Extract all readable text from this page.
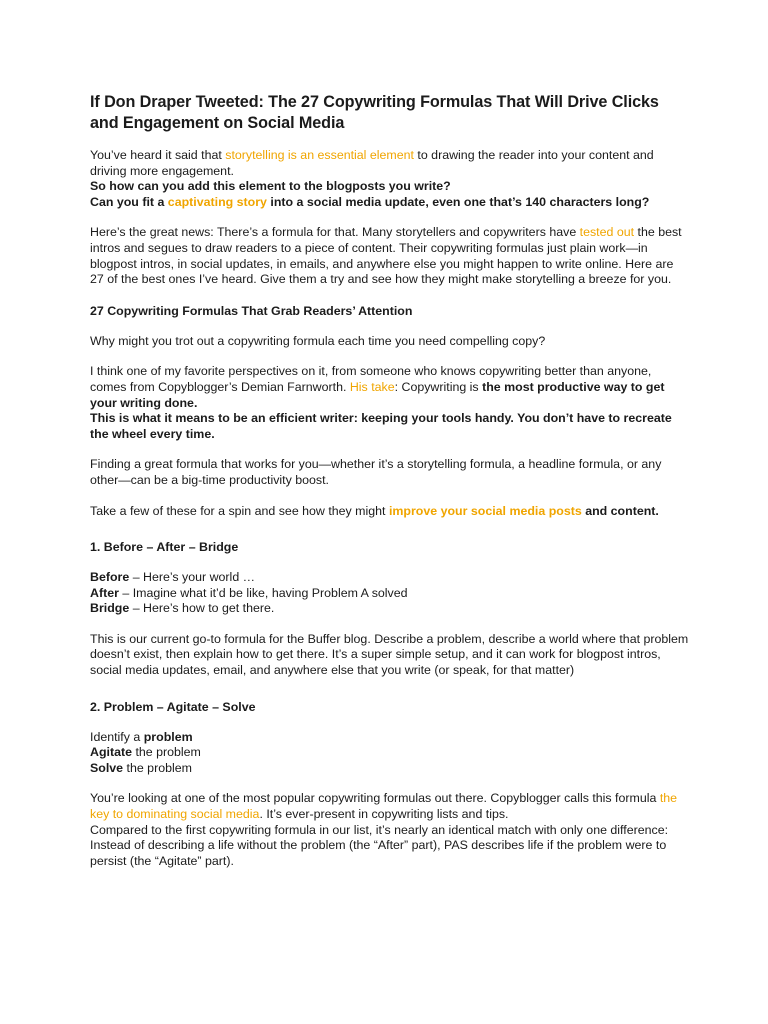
If Don Draper Tweeted: The 27 Copywriting Formulas That Will Drive Clicks and Engagement on Social Media

You’ve heard it said that storytelling is an essential element to drawing the reader into your content and driving more engagement.
So how can you add this element to the blogposts you write?
Can you fit a captivating story into a social media update, even one that’s 140 characters long?

Here’s the great news: There’s a formula for that. Many storytellers and copywriters have tested out the best intros and segues to draw readers to a piece of content. Their copywriting formulas just plain work—in blogpost intros, in social updates, in emails, and anywhere else you might happen to write online. Here are 27 of the best ones I’ve heard. Give them a try and see how they might make storytelling a breeze for you.

27 Copywriting Formulas That Grab Readers’ Attention

Why might you trot out a copywriting formula each time you need compelling copy?

I think one of my favorite perspectives on it, from someone who knows copywriting better than anyone, comes from Copyblogger’s Demian Farnworth. His take: Copywriting is the most productive way to get your writing done.
This is what it means to be an efficient writer: keeping your tools handy. You don’t have to recreate the wheel every time.

Finding a great formula that works for you—whether it’s a storytelling formula, a headline formula, or any other—can be a big-time productivity boost.

Take a few of these for a spin and see how they might improve your social media posts and content.

1. Before – After – Bridge

Before – Here’s your world …
After – Imagine what it’d be like, having Problem A solved
Bridge – Here’s how to get there.

This is our current go-to formula for the Buffer blog. Describe a problem, describe a world where that problem doesn’t exist, then explain how to get there. It’s a super simple setup, and it can work for blogpost intros, social media updates, email, and anywhere else that you write (or speak, for that matter)

2. Problem – Agitate – Solve

Identify a problem
Agitate the problem
Solve the problem

You’re looking at one of the most popular copywriting formulas out there. Copyblogger calls this formula the key to dominating social media. It’s ever-present in copywriting lists and tips.
Compared to the first copywriting formula in our list, it’s nearly an identical match with only one difference: Instead of describing a life without the problem (the “After” part), PAS describes life if the problem were to persist (the “Agitate” part).
